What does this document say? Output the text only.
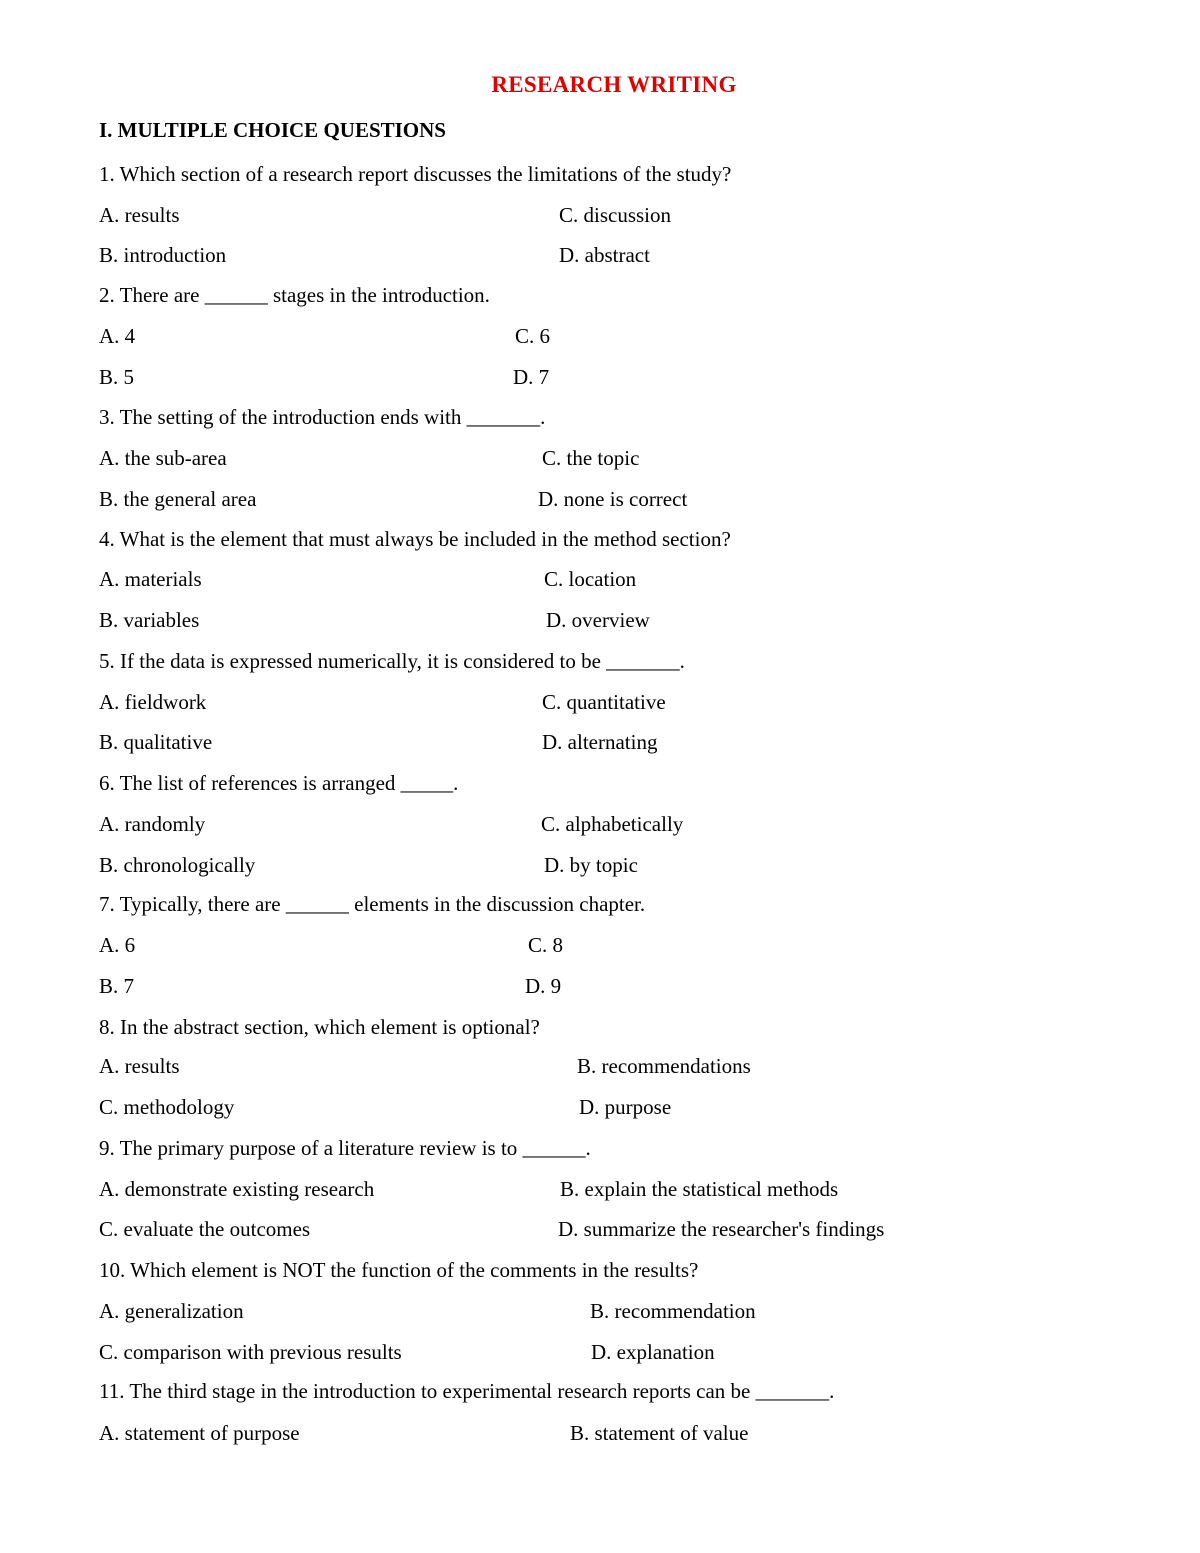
RESEARCH WRITING
I. MULTIPLE CHOICE QUESTIONS
1. Which section of a research report discusses the limitations of the study?
A. results	C. discussion
B. introduction	D. abstract
2. There are ______ stages in the introduction.
A. 4	C. 6
B. 5	D. 7
3. The setting of the introduction ends with _______.
A. the sub-area	C. the topic
B. the general area	D. none is correct
4. What is the element that must always be included in the method section?
A. materials	C. location
B. variables	D. overview
5. If the data is expressed numerically, it is considered to be _______.
A. fieldwork	C. quantitative
B. qualitative	D. alternating
6. The list of references is arranged _____.
A. randomly	C. alphabetically
B. chronologically	D. by topic
7. Typically, there are ______ elements in the discussion chapter.
A. 6	C. 8
B. 7	D. 9
8. In the abstract section, which element is optional?
A. results	B. recommendations
C. methodology	D. purpose
9. The primary purpose of a literature review is to ______.
A. demonstrate existing research	B. explain the statistical methods
C. evaluate the outcomes	D. summarize the researcher's findings
10. Which element is NOT the function of the comments in the results?
A. generalization	B. recommendation
C. comparison with previous results	D. explanation
11. The third stage in the introduction to experimental research reports can be _______.
A. statement of purpose	B. statement of value
